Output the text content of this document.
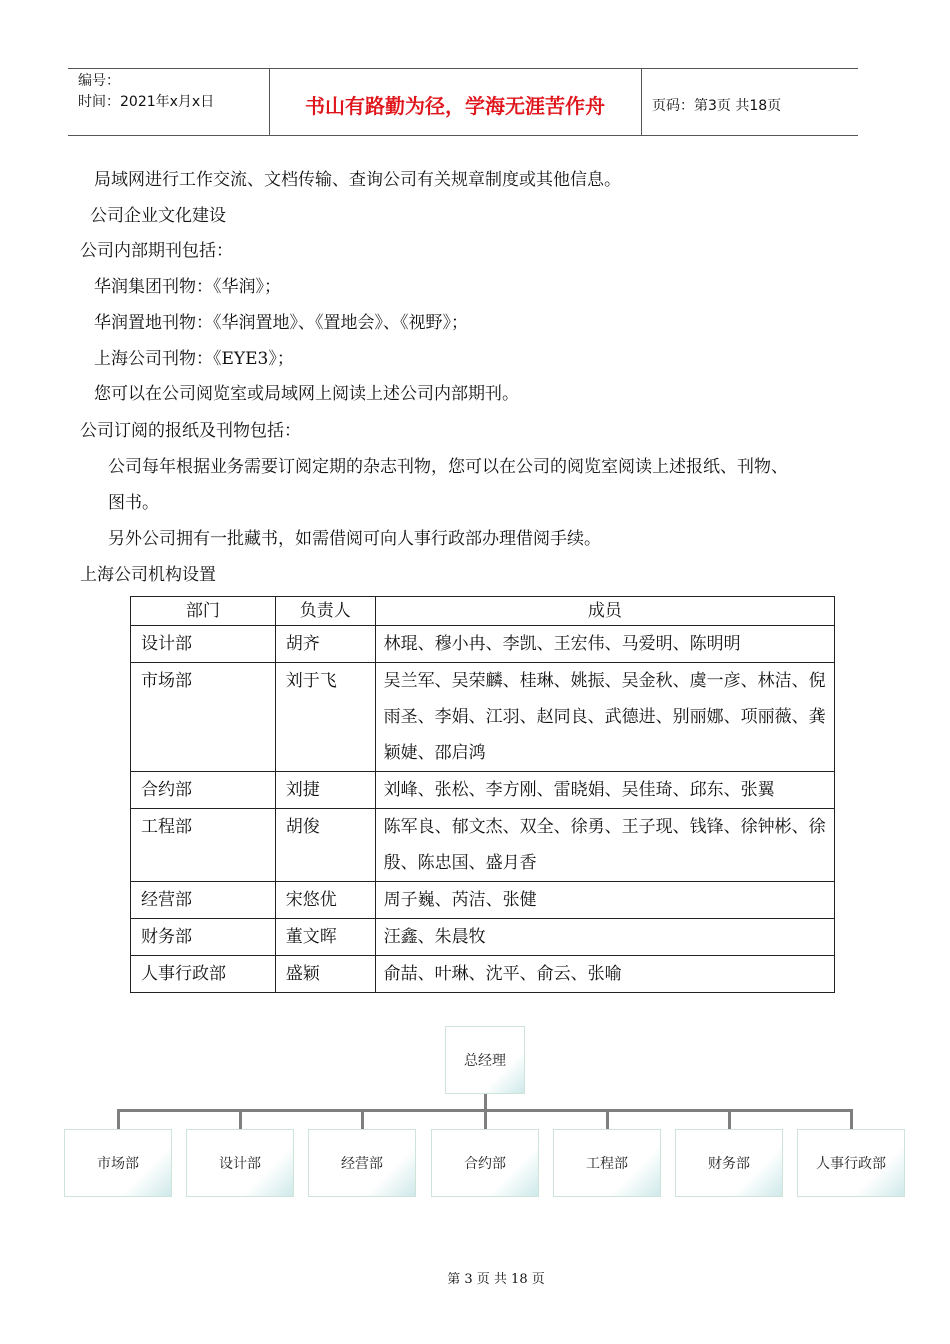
编号：
时间：2021年x月x日	书山有路勤为径，学海无涯苦作舟	页码：第3页 共18页
局域网进行工作交流、文档传输、查询公司有关规章制度或其他信息。
公司企业文化建设
公司内部期刊包括：
华润集团刊物：《华润》；
华润置地刊物：《华润置地》、《置地会》、《视野》；
上海公司刊物：《EYE3》；
您可以在公司阅览室或局域网上阅读上述公司内部期刊。
公司订阅的报纸及刊物包括：
公司每年根据业务需要订阅定期的杂志刊物，您可以在公司的阅览室阅读上述报纸、刊物、
图书。
另外公司拥有一批藏书，如需借阅可向人事行政部办理借阅手续。
上海公司机构设置
部门	负责人	成员
设计部	胡齐	林琨、穆小冉、李凯、王宏伟、马爱明、陈明明
市场部	刘于飞	吴兰军、吴荣麟、桂琳、姚振、吴金秋、虞一彦、林洁、倪雨圣、李娟、江羽、赵同良、武德进、别丽娜、项丽薇、龚颖婕、邵启鸿
合约部	刘捷	刘峰、张松、李方刚、雷晓娟、吴佳琦、邱东、张翼
工程部	胡俊	陈军良、郁文杰、双全、徐勇、王子现、钱锋、徐钟彬、徐殷、陈忠国、盛月香
经营部	宋悠优	周子巍、芮洁、张健
财务部	董文晖	汪鑫、朱晨牧
人事行政部	盛颖	俞喆、叶琳、沈平、俞云、张喻
总经理
市场部	设计部	经营部	合约部	工程部	财务部	人事行政部
第 3 页 共 18 页
